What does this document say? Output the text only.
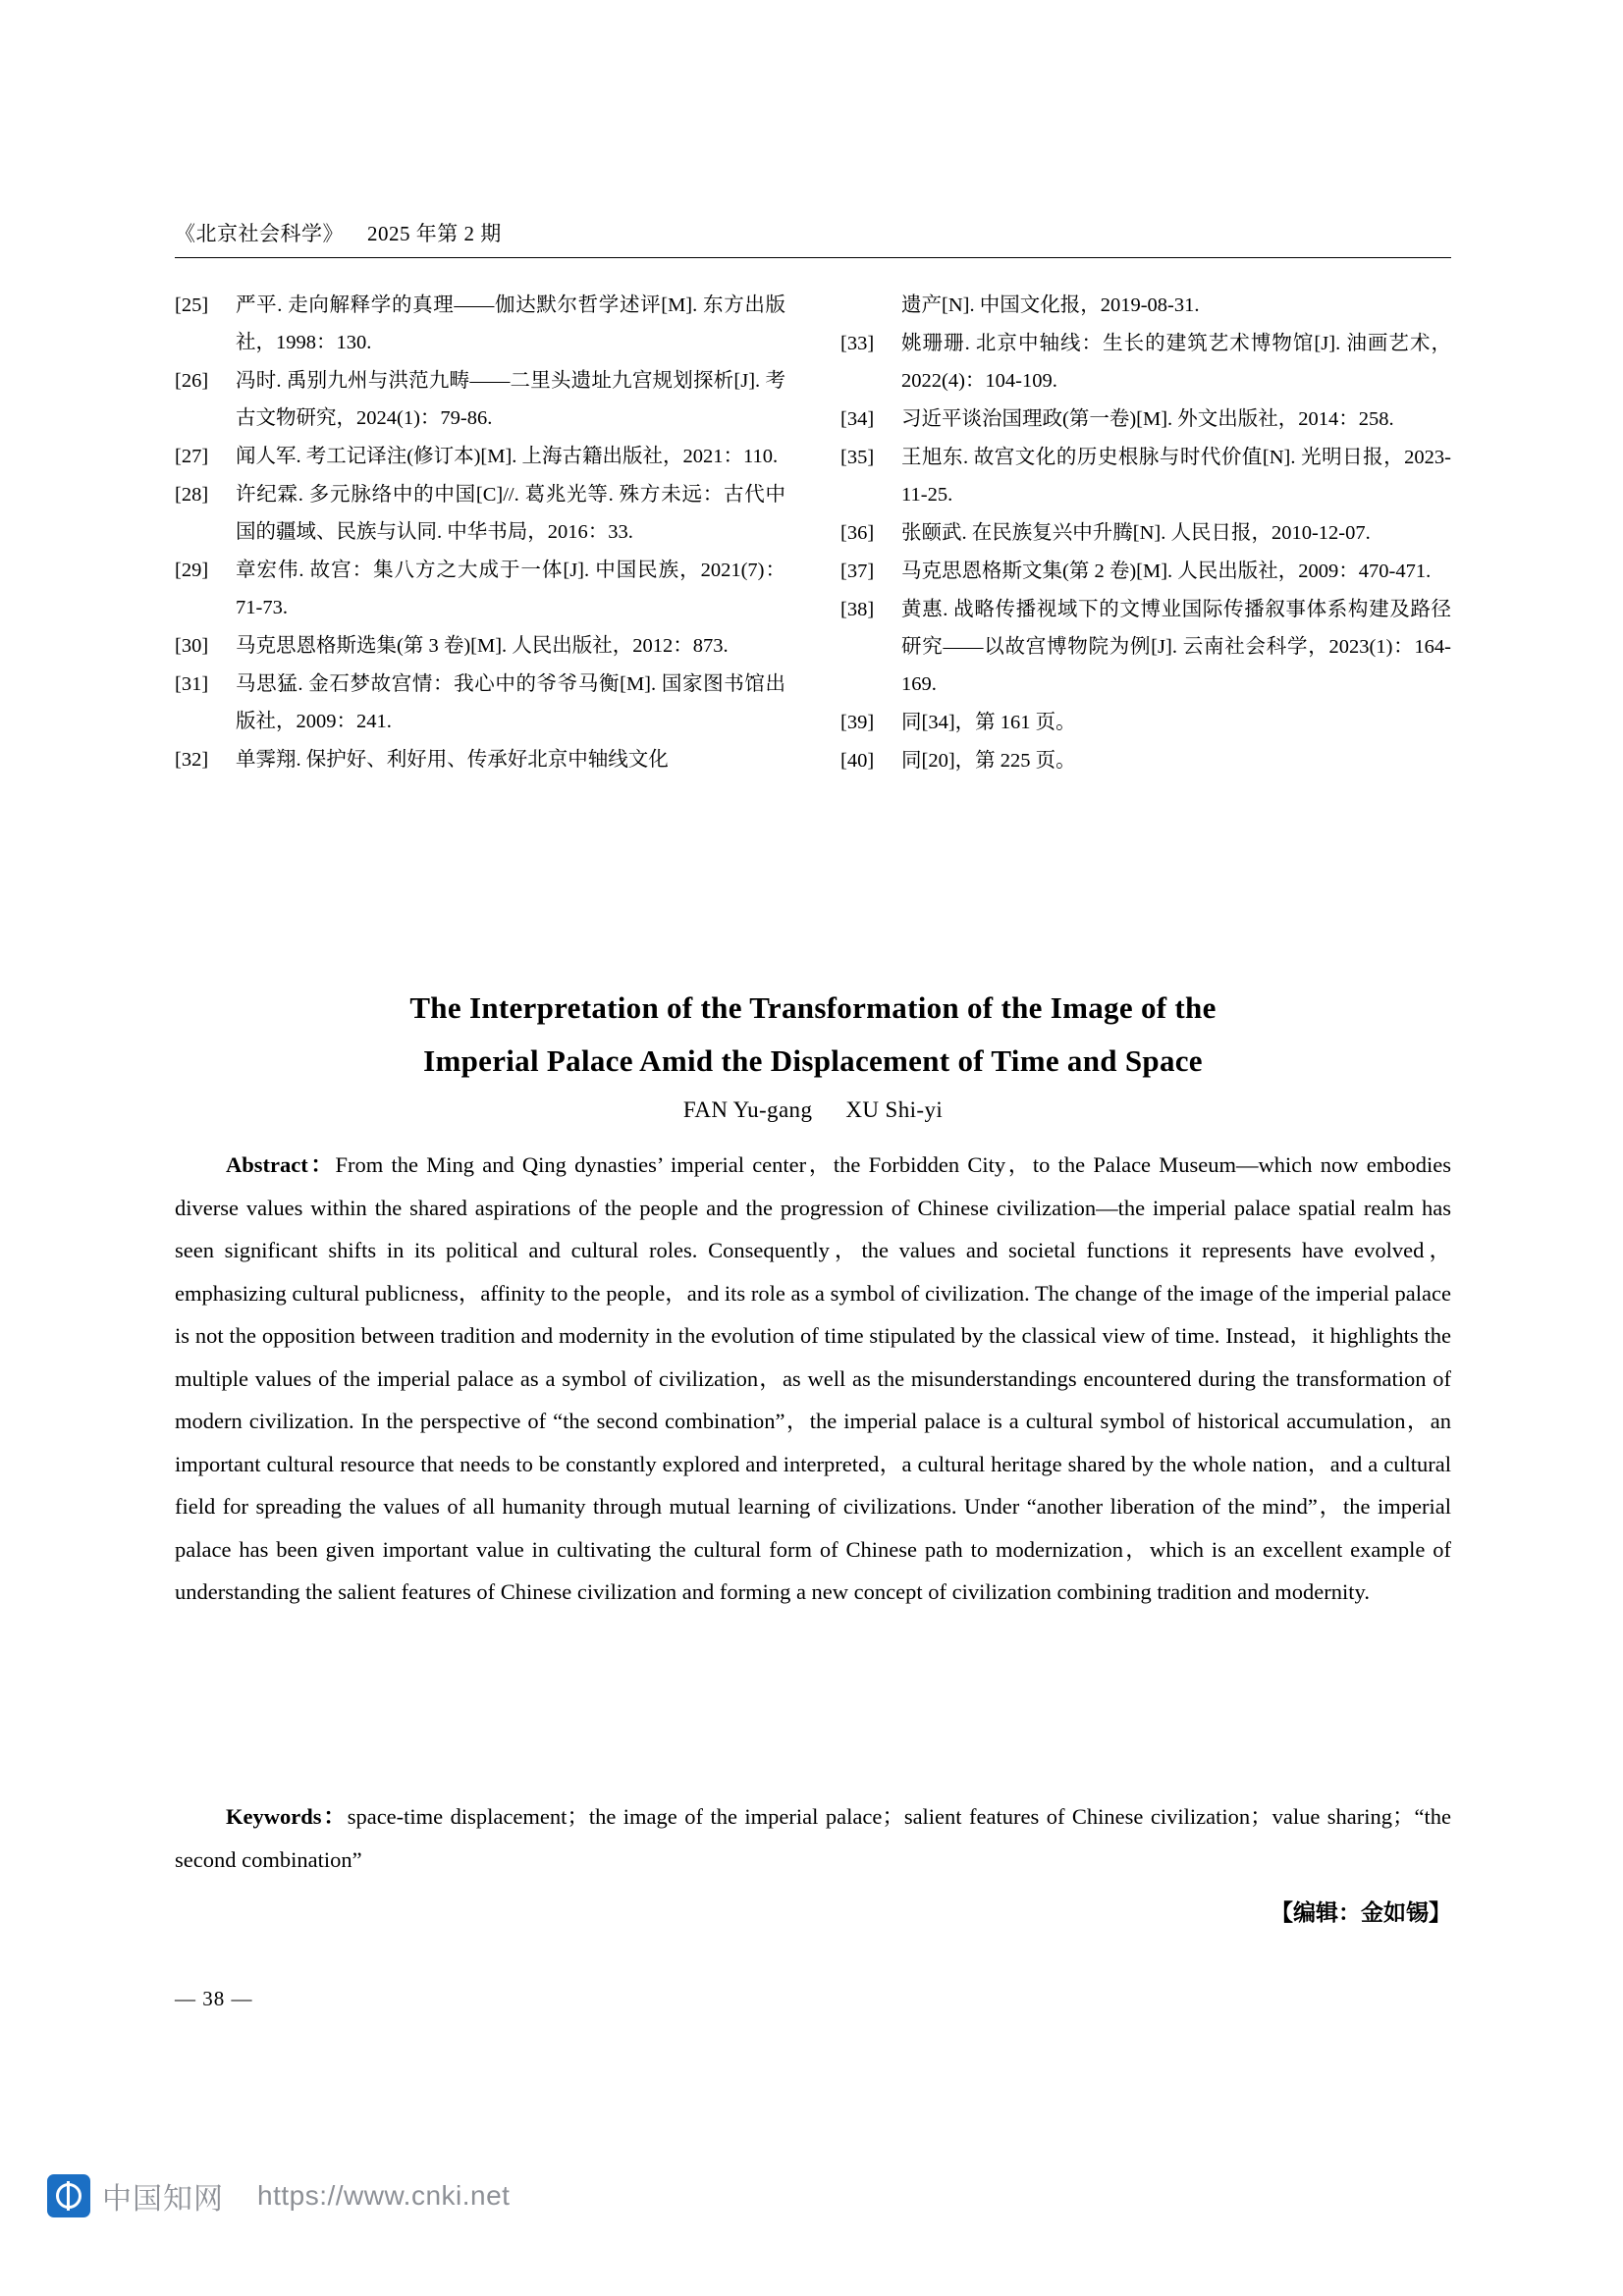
《北京社会科学》 2025 年第 2 期
[25]	严平. 走向解释学的真理——伽达默尔哲学述评[M]. 东方出版社，1998：130.
[26]	冯时. 禹别九州与洪范九畴——二里头遗址九宫规划探析[J]. 考古文物研究，2024(1)：79-86.
[27]	闻人军. 考工记译注(修订本)[M]. 上海古籍出版社，2021：110.
[28]	许纪霖. 多元脉络中的中国[C]//. 葛兆光等. 殊方未远：古代中国的疆域、民族与认同. 中华书局，2016：33.
[29]	章宏伟. 故宫：集八方之大成于一体[J]. 中国民族，2021(7)：71-73.
[30]	马克思恩格斯选集(第 3 卷)[M]. 人民出版社，2012：873.
[31]	马思猛. 金石梦故宫情：我心中的爷爷马衡[M]. 国家图书馆出版社，2009：241.
[32]	单霁翔. 保护好、利好用、传承好北京中轴线文化
遗产[N]. 中国文化报，2019-08-31.
[33]	姚珊珊. 北京中轴线：生长的建筑艺术博物馆[J]. 油画艺术，2022(4)：104-109.
[34]	习近平谈治国理政(第一卷)[M]. 外文出版社，2014：258.
[35]	王旭东. 故宫文化的历史根脉与时代价值[N]. 光明日报，2023-11-25.
[36]	张颐武. 在民族复兴中升腾[N]. 人民日报，2010-12-07.
[37]	马克思恩格斯文集(第 2 卷)[M]. 人民出版社，2009：470-471.
[38]	黄惠. 战略传播视域下的文博业国际传播叙事体系构建及路径研究——以故宫博物院为例[J]. 云南社会科学，2023(1)：164-169.
[39]	同[34]，第 161 页。
[40]	同[20]，第 225 页。
The Interpretation of the Transformation of the Image of the
Imperial Palace Amid the Displacement of Time and Space
FAN Yu-gang XU Shi-yi
Abstract：From the Ming and Qing dynasties’ imperial center，the Forbidden City，to the Palace Museum—which now embodies diverse values within the shared aspirations of the people and the progression of Chinese civilization—the imperial palace spatial realm has seen significant shifts in its political and cultural roles. Consequently，the values and societal functions it represents have evolved，emphasizing cultural publicness，affinity to the people，and its role as a symbol of civilization. The change of the image of the imperial palace is not the opposition between tradition and modernity in the evolution of time stipulated by the classical view of time. Instead，it highlights the multiple values of the imperial palace as a symbol of civilization，as well as the misunderstandings encountered during the transformation of modern civilization. In the perspective of “the second combination”，the imperial palace is a cultural symbol of historical accumulation，an important cultural resource that needs to be constantly explored and interpreted，a cultural heritage shared by the whole nation，and a cultural field for spreading the values of all humanity through mutual learning of civilizations. Under “another liberation of the mind”，the imperial palace has been given important value in cultivating the cultural form of Chinese path to modernization，which is an excellent example of understanding the salient features of Chinese civilization and forming a new concept of civilization combining tradition and modernity.
Keywords：space-time displacement；the image of the imperial palace；salient features of Chinese civilization；value sharing；“the second combination”
【编辑：金如锡】
— 38 —
中国知网 https://www.cnki.net
